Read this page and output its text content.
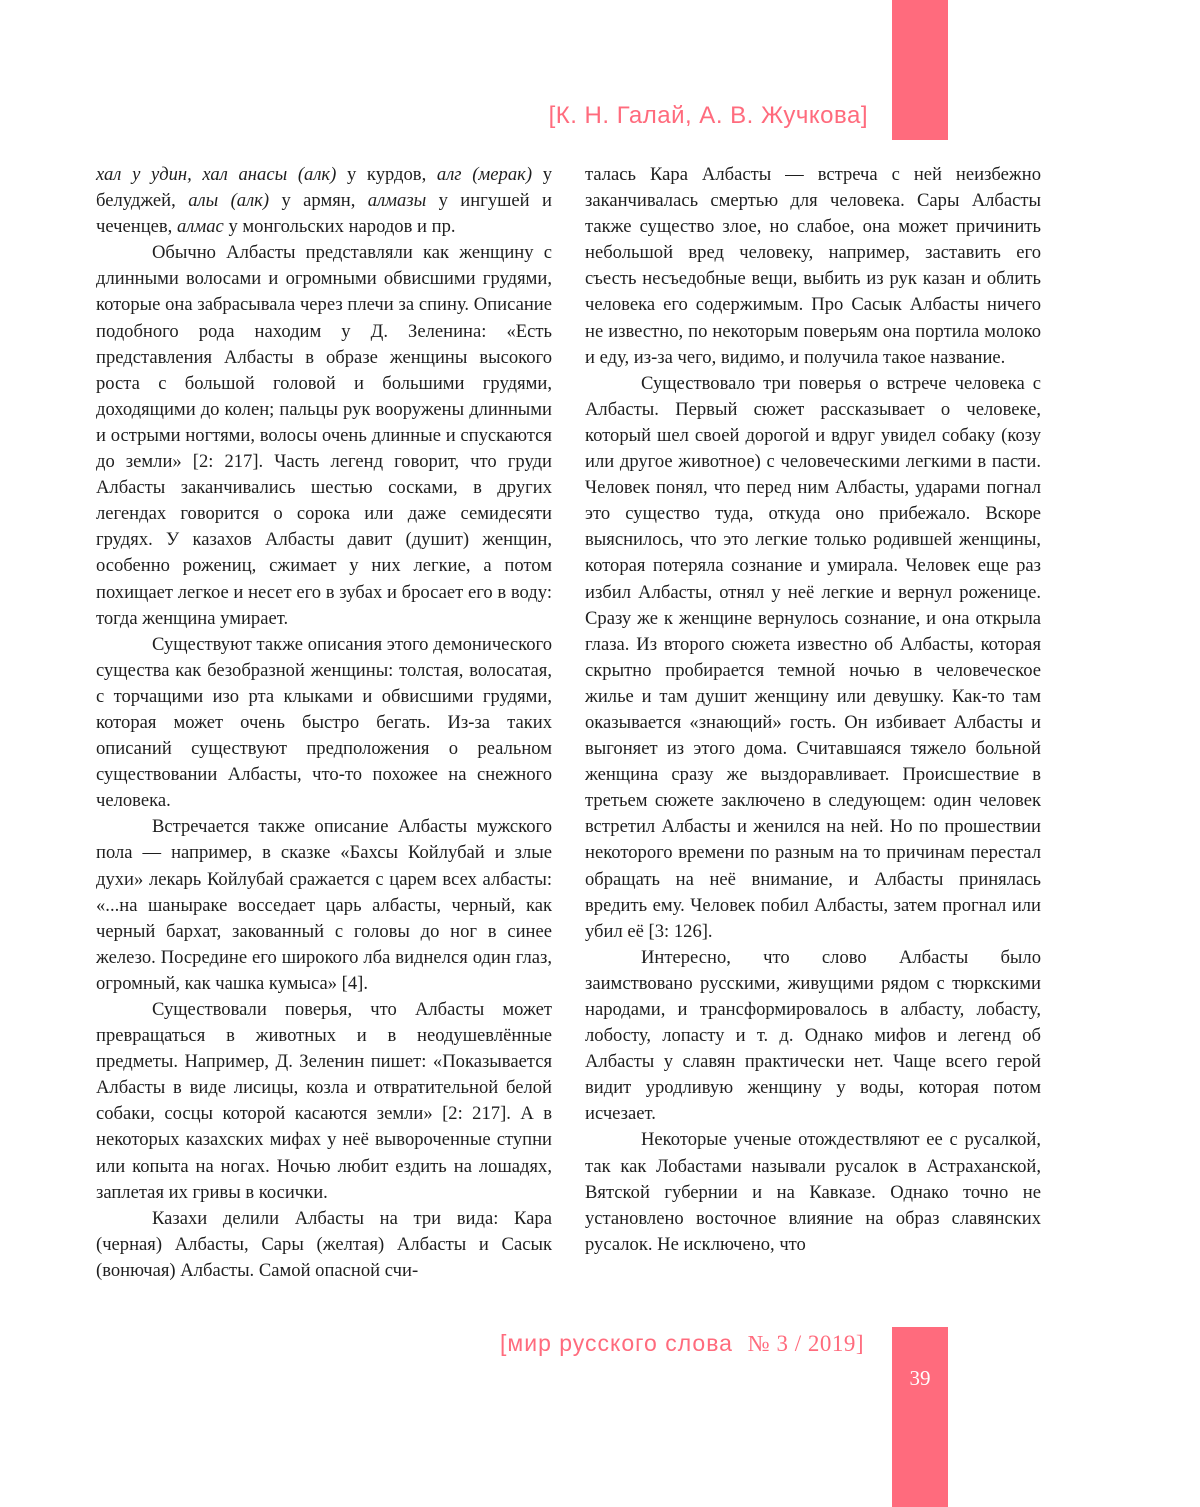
[К. Н. Галай, А. В. Жучкова]

хал у удин, хал анасы (алк) у курдов, алг (мерак) у белуджей, алы (алк) у армян, алмазы у ингушей и чеченцев, алмас у монгольских народов и пр.

Обычно Албасты представляли как женщину с длинными волосами и огромными обвисшими грудями, которые она забрасывала через плечи за спину. Описание подобного рода находим у Д. Зеленина: «Есть представления Албасты в образе женщины высокого роста с большой головой и большими грудями, доходящими до колен; пальцы рук вооружены длинными и острыми ногтями, волосы очень длинные и спускаются до земли» [2: 217]. Часть легенд говорит, что груди Албасты заканчивались шестью сосками, в других легендах говорится о сорока или даже семидесяти грудях. У казахов Албасты давит (душит) женщин, особенно рожениц, сжимает у них легкие, а потом похищает легкое и несет его в зубах и бросает его в воду: тогда женщина умирает.

Существуют также описания этого демонического существа как безобразной женщины: толстая, волосатая, с торчащими изо рта клыками и обвисшими грудями, которая может очень быстро бегать. Из-за таких описаний существуют предположения о реальном существовании Албасты, что-то похожее на снежного человека.

Встречается также описание Албасты мужского пола — например, в сказке «Бахсы Койлубай и злые духи» лекарь Койлубай сражается с царем всех албасты: «...на шаныраке восседает царь албасты, черный, как черный бархат, закованный с головы до ног в синее железо. Посредине его широкого лба виднелся один глаз, огромный, как чашка кумыса» [4].

Существовали поверья, что Албасты может превращаться в животных и в неодушевлённые предметы. Например, Д. Зеленин пишет: «Показывается Албасты в виде лисицы, козла и отвратительной белой собаки, сосцы которой касаются земли» [2: 217]. А в некоторых казахских мифах у неё вывороченные ступни или копыта на ногах. Ночью любит ездить на лошадях, заплетая их гривы в косички.

Казахи делили Албасты на три вида: Кара (черная) Албасты, Сары (желтая) Албасты и Сасык (вонючая) Албасты. Самой опасной счи-

талась Кара Албасты — встреча с ней неизбежно заканчивалась смертью для человека. Сары Албасты также существо злое, но слабое, она может причинить небольшой вред человеку, например, заставить его съесть несъедобные вещи, выбить из рук казан и облить человека его содержимым. Про Сасык Албасты ничего не известно, по некоторым поверьям она портила молоко и еду, из-за чего, видимо, и получила такое название.

Существовало три поверья о встрече человека с Албасты. Первый сюжет рассказывает о человеке, который шел своей дорогой и вдруг увидел собаку (козу или другое животное) с человеческими легкими в пасти. Человек понял, что перед ним Албасты, ударами погнал это существо туда, откуда оно прибежало. Вскоре выяснилось, что это легкие только родившей женщины, которая потеряла сознание и умирала. Человек еще раз избил Албасты, отнял у неё легкие и вернул роженице. Сразу же к женщине вернулось сознание, и она открыла глаза. Из второго сюжета известно об Албасты, которая скрытно пробирается темной ночью в человеческое жилье и там душит женщину или девушку. Как-то там оказывается «знающий» гость. Он избивает Албасты и выгоняет из этого дома. Считавшаяся тяжело больной женщина сразу же выздоравливает. Происшествие в третьем сюжете заключено в следующем: один человек встретил Албасты и женился на ней. Но по прошествии некоторого времени по разным на то причинам перестал обращать на неё внимание, и Албасты принялась вредить ему. Человек побил Албасты, затем прогнал или убил её [3: 126].

Интересно, что слово Албасты было заимствовано русскими, живущими рядом с тюркскими народами, и трансформировалось в албасту, лобасту, лобосту, лопасту и т. д. Однако мифов и легенд об Албасты у славян практически нет. Чаще всего герой видит уродливую женщину у воды, которая потом исчезает.

Некоторые ученые отождествляют ее с русалкой, так как Лобастами называли русалок в Астраханской, Вятской губернии и на Кавказе. Однако точно не установлено восточное влияние на образ славянских русалок. Не исключено, что

[мир русского слова № 3 / 2019]
39
